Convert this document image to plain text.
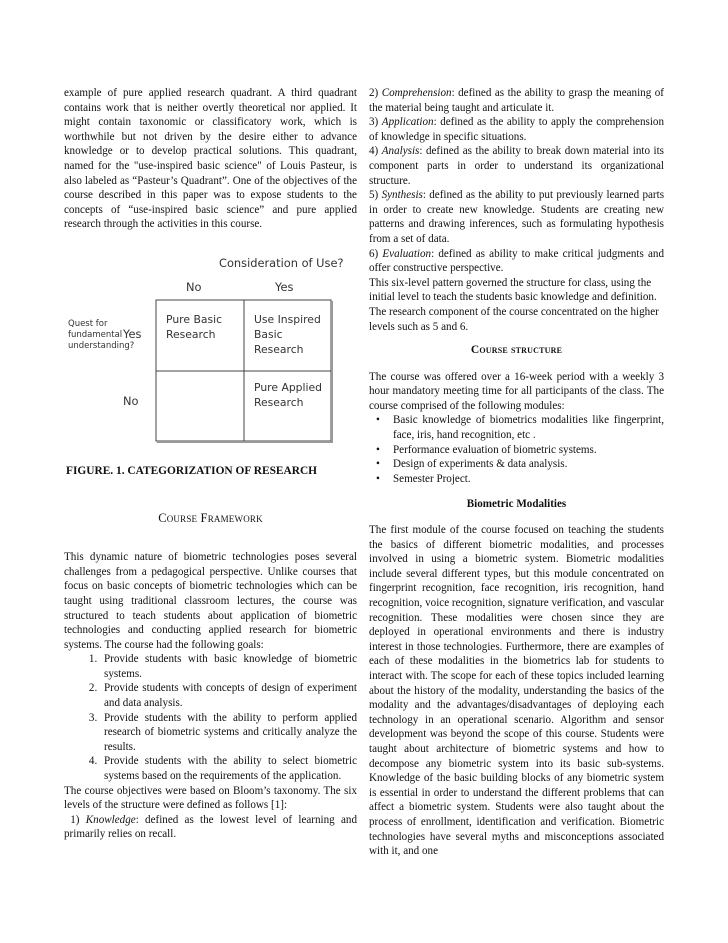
example of pure applied research quadrant. A third quadrant contains work that is neither overtly theoretical nor applied. It might contain taxonomic or classificatory work, which is worthwhile but not driven by the desire either to advance knowledge or to develop practical solutions. This quadrant, named for the "use-inspired basic science" of Louis Pasteur, is also labeled as “Pasteur’s Quadrant”. One of the objectives of the course described in this paper was to expose students to the concepts of “use-inspired basic science” and pure applied research through the activities in this course.

Consideration of Use?
No	Yes
Quest for fundamental understanding?
Yes
No
Pure Basic Research
Use Inspired Basic Research
Pure Applied Research

FIGURE. 1. CATEGORIZATION OF RESEARCH

Course Framework

This dynamic nature of biometric technologies poses several challenges from a pedagogical perspective. Unlike courses that focus on basic concepts of biometric technologies which can be taught using traditional classroom lectures, the course was structured to teach students about application of biometric technologies and conducting applied research for biometric systems. The course had the following goals:

1. Provide students with basic knowledge of biometric systems.
2. Provide students with concepts of design of experiment and data analysis.
3. Provide students with the ability to perform applied research of biometric systems and critically analyze the results.
4. Provide students with the ability to select biometric systems based on the requirements of the application.

The course objectives were based on Bloom’s taxonomy. The six levels of the structure were defined as follows [1]:

1) Knowledge: defined as the lowest level of learning and primarily relies on recall.

2) Comprehension: defined as the ability to grasp the meaning of the material being taught and articulate it.

3) Application: defined as the ability to apply the comprehension of knowledge in specific situations.

4) Analysis: defined as the ability to break down material into its component parts in order to understand its organizational structure.

5) Synthesis: defined as the ability to put previously learned parts in order to create new knowledge. Students are creating new patterns and drawing inferences, such as formulating hypothesis from a set of data.

6) Evaluation: defined as ability to make critical judgments and offer constructive perspective.

This six-level pattern governed the structure for class, using the initial level to teach the students basic knowledge and definition. The research component of the course concentrated on the higher levels such as 5 and 6.

Course structure

The course was offered over a 16-week period with a weekly 3 hour mandatory meeting time for all participants of the class. The course comprised of the following modules:

• Basic knowledge of biometrics modalities like fingerprint, face, iris, hand recognition, etc .
• Performance evaluation of biometric systems.
• Design of experiments & data analysis.
• Semester Project.

Biometric Modalities

The first module of the course focused on teaching the students the basics of different biometric modalities, and processes involved in using a biometric system. Biometric modalities include several different types, but this module concentrated on fingerprint recognition, face recognition, iris recognition, hand recognition, voice recognition, signature verification, and vascular recognition. These modalities were chosen since they are deployed in operational environments and there is industry interest in those technologies. Furthermore, there are examples of each of these modalities in the biometrics lab for students to interact with. The scope for each of these topics included learning about the history of the modality, understanding the basics of the modality and the advantages/disadvantages of deploying each technology in an operational scenario. Algorithm and sensor development was beyond the scope of this course. Students were taught about architecture of biometric systems and how to decompose any biometric system into its basic sub-systems. Knowledge of the basic building blocks of any biometric system is essential in order to understand the different problems that can affect a biometric system. Students were also taught about the process of enrollment, identification and verification. Biometric technologies have several myths and misconceptions associated with it, and one
